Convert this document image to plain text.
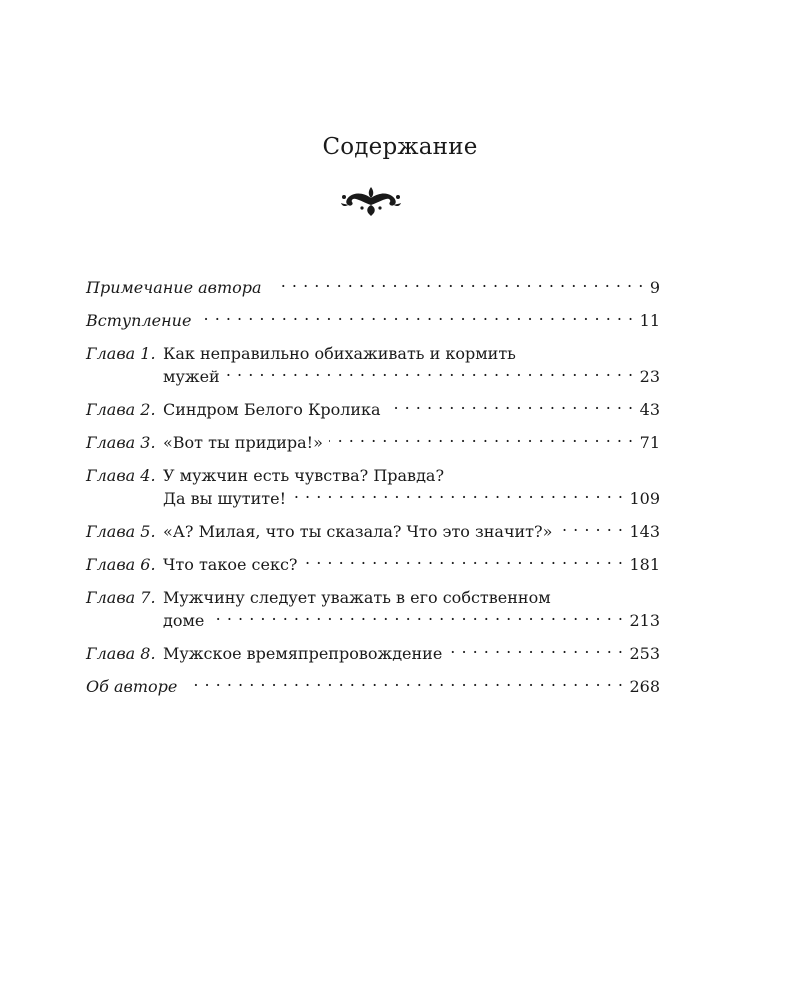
Содержание
Примечание автора . . .	9
Вступление . . .	11
Глава 1. Как неправильно обихаживать и кормить
мужей . . .	23
Глава 2. Синдром Белого Кролика . . .	43
Глава 3. «Вот ты придира!» . . .	71
Глава 4. У мужчин есть чувства? Правда?
Да вы шутите! . . .	109
Глава 5. «А? Милая, что ты сказала? Что это значит?» . . .	143
Глава 6. Что такое секс? . . .	181
Глава 7. Мужчину следует уважать в его собственном
доме . . .	213
Глава 8. Мужское времяпрепровождение . . .	253
Об авторе . . .	268
